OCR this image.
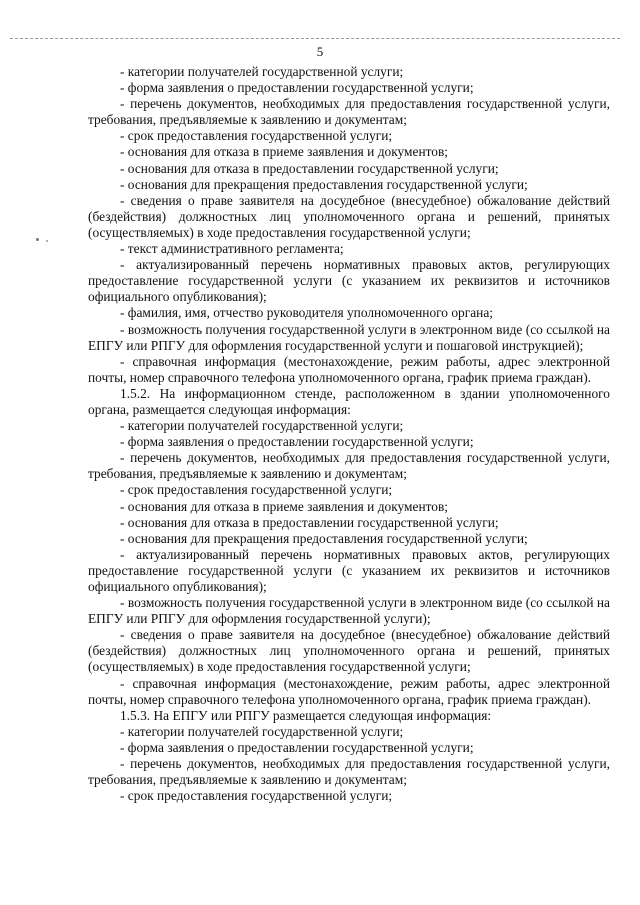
5

- категории получателей государственной услуги;

- форма заявления о предоставлении государственной услуги;

- перечень документов, необходимых для предоставления государственной услуги, требования, предъявляемые к заявлению и документам;

- срок предоставления государственной услуги;

- основания для отказа в приеме заявления и документов;

- основания для отказа в предоставлении государственной услуги;

- основания для прекращения предоставления государственной услуги;

- сведения о праве заявителя на досудебное (внесудебное) обжалование действий (бездействия) должностных лиц уполномоченного органа и решений, принятых (осуществляемых) в ходе предоставления государственной услуги;

- текст административного регламента;

- актуализированный перечень нормативных правовых актов, регулирующих предоставление государственной услуги (с указанием их реквизитов и источников официального опубликования);

- фамилия, имя, отчество руководителя уполномоченного органа;

- возможность получения государственной услуги в электронном виде (со ссылкой на ЕПГУ или РПГУ для оформления государственной услуги и пошаговой инструкцией);

- справочная информация (местонахождение, режим работы, адрес электронной почты, номер справочного телефона уполномоченного органа, график приема граждан).

1.5.2. На информационном стенде, расположенном в здании уполномоченного органа, размещается следующая информация:

- категории получателей государственной услуги;

- форма заявления о предоставлении государственной услуги;

- перечень документов, необходимых для предоставления государственной услуги, требования, предъявляемые к заявлению и документам;

- срок предоставления государственной услуги;

- основания для отказа в приеме заявления и документов;

- основания для отказа в предоставлении государственной услуги;

- основания для прекращения предоставления государственной услуги;

- актуализированный перечень нормативных правовых актов, регулирующих предоставление государственной услуги (с указанием их реквизитов и источников официального опубликования);

- возможность получения государственной услуги в электронном виде (со ссылкой на ЕПГУ или РПГУ для оформления государственной услуги);

- сведения о праве заявителя на досудебное (внесудебное) обжалование действий (бездействия) должностных лиц уполномоченного органа и решений, принятых (осуществляемых) в ходе предоставления государственной услуги;

- справочная информация (местонахождение, режим работы, адрес электронной почты, номер справочного телефона уполномоченного органа, график приема граждан).

1.5.3. На ЕПГУ или РПГУ размещается следующая информация:

- категории получателей государственной услуги;

- форма заявления о предоставлении государственной услуги;

- перечень документов, необходимых для предоставления государственной услуги, требования, предъявляемые к заявлению и документам;

- срок предоставления государственной услуги;
